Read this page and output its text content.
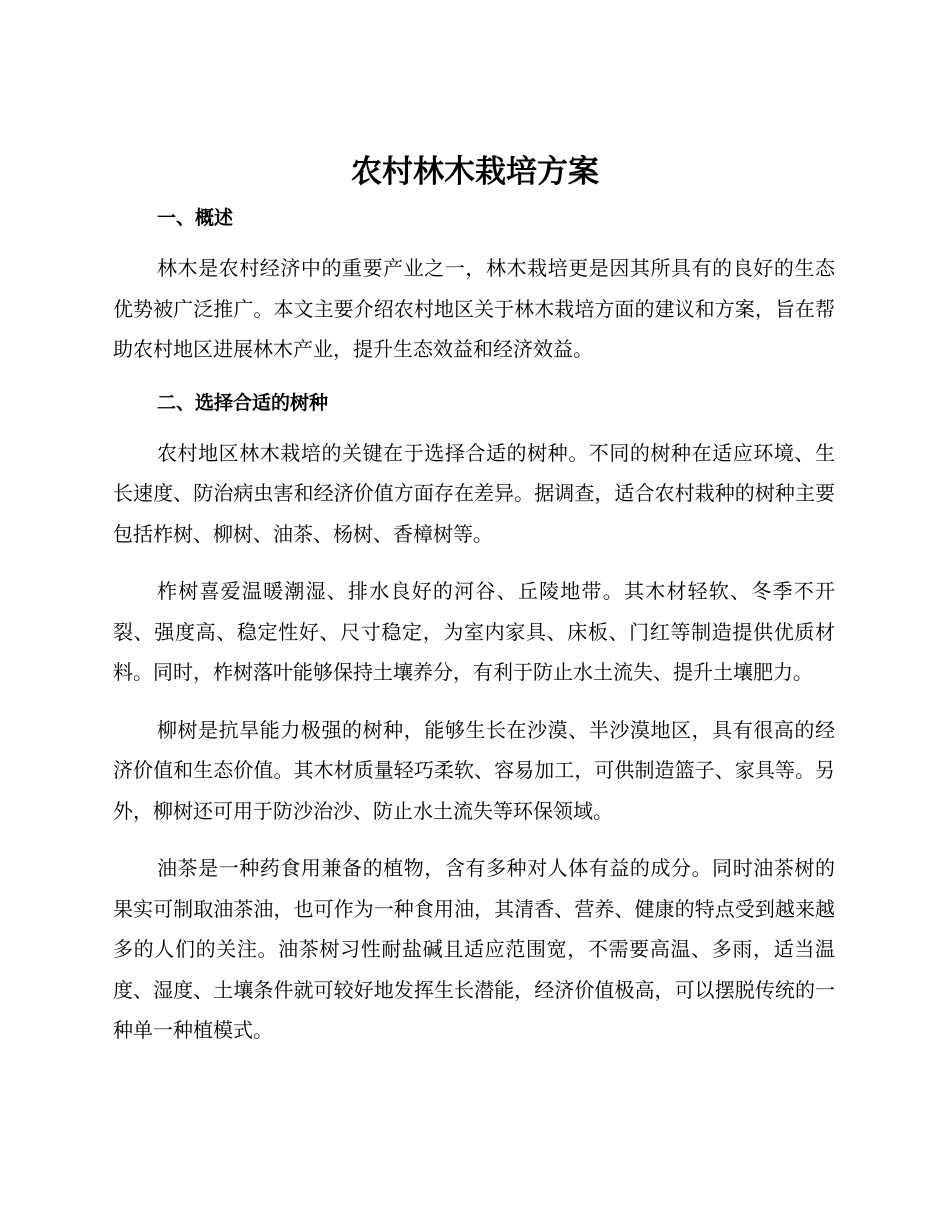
农村林木栽培方案
一、概述

林木是农村经济中的重要产业之一，林木栽培更是因其所具有的良好的生态优势被广泛推广。本文主要介绍农村地区关于林木栽培方面的建议和方案，旨在帮助农村地区进展林木产业，提升生态效益和经济效益。

二、选择合适的树种

农村地区林木栽培的关键在于选择合适的树种。不同的树种在适应环境、生长速度、防治病虫害和经济价值方面存在差异。据调查，适合农村栽种的树种主要包括柞树、柳树、油茶、杨树、香樟树等。

柞树喜爱温暖潮湿、排水良好的河谷、丘陵地带。其木材轻软、冬季不开裂、强度高、稳定性好、尺寸稳定，为室内家具、床板、门红等制造提供优质材料。同时，柞树落叶能够保持土壤养分，有利于防止水土流失、提升土壤肥力。

柳树是抗旱能力极强的树种，能够生长在沙漠、半沙漠地区，具有很高的经济价值和生态价值。其木材质量轻巧柔软、容易加工，可供制造篮子、家具等。另外，柳树还可用于防沙治沙、防止水土流失等环保领域。

油茶是一种药食用兼备的植物，含有多种对人体有益的成分。同时油茶树的果实可制取油茶油，也可作为一种食用油，其清香、营养、健康的特点受到越来越多的人们的关注。油茶树习性耐盐碱且适应范围宽，不需要高温、多雨，适当温度、湿度、土壤条件就可较好地发挥生长潜能，经济价值极高，可以摆脱传统的一种单一种植模式。
